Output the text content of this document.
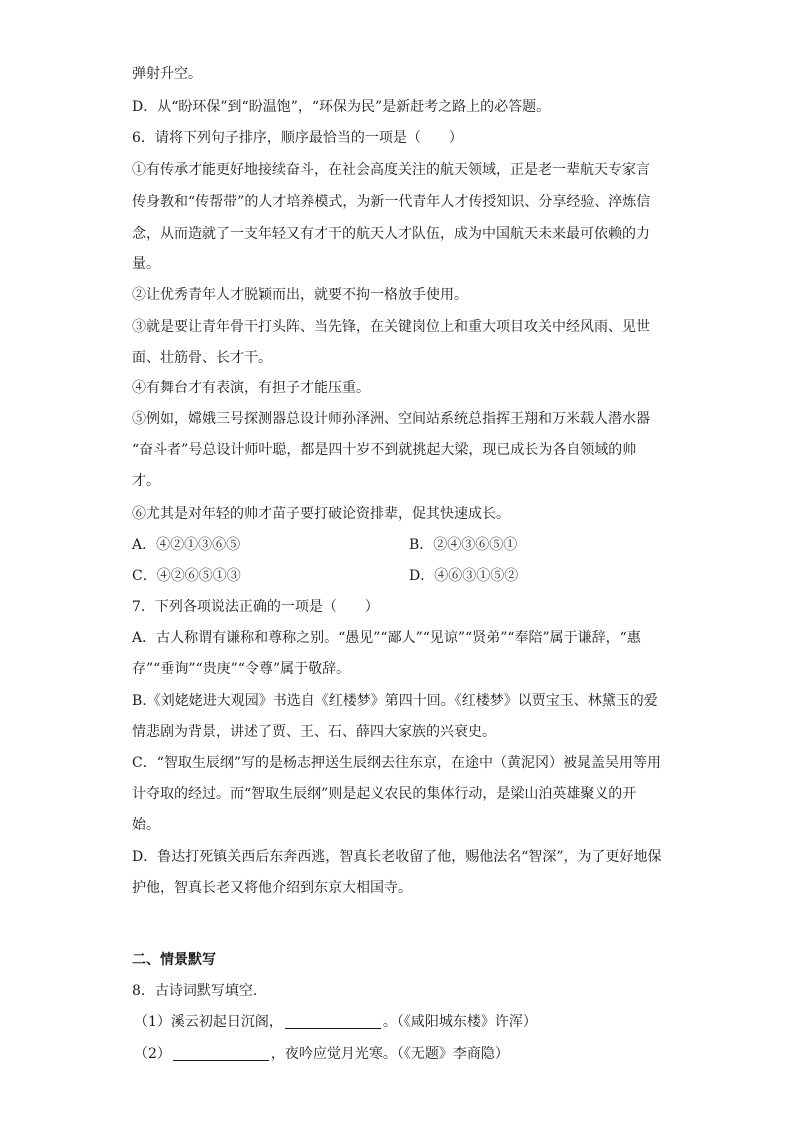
弹射升空。
D．从“盼环保”到“盼温饱”，“环保为民”是新赶考之路上的必答题。
6．请将下列句子排序，顺序最恰当的一项是（　　）
①有传承才能更好地接续奋斗，在社会高度关注的航天领域，正是老一辈航天专家言
传身教和“传帮带”的人才培养模式，为新一代青年人才传授知识、分享经验、淬炼信
念，从而造就了一支年轻又有才干的航天人才队伍，成为中国航天未来最可依赖的力
量。
②让优秀青年人才脱颖而出，就要不拘一格放手使用。
③就是要让青年骨干打头阵、当先锋，在关键岗位上和重大项目攻关中经风雨、见世
面、壮筋骨、长才干。
④有舞台才有表演，有担子才能压重。
⑤例如，嫦娥三号探测器总设计师孙泽洲、空间站系统总指挥王翔和万米载人潜水器
“奋斗者”号总设计师叶聪，都是四十岁不到就挑起大梁，现已成长为各自领域的帅
才。
⑥尤其是对年轻的帅才苗子要打破论资排辈，促其快速成长。
A．④②①③⑥⑤	B．②④③⑥⑤①
C．④②⑥⑤①③	D．④⑥③①⑤②
7．下列各项说法正确的一项是（　　）
A．古人称谓有谦称和尊称之别。“愚见”“鄙人”“见谅”“贤弟”“奉陪”属于谦辞，“惠
存”“垂询”“贵庚”“令尊”属于敬辞。
B.《刘姥姥进大观园》书选自《红楼梦》第四十回。《红楼梦》以贾宝玉、林黛玉的爱
情悲剧为背景，讲述了贾、王、石、薛四大家族的兴衰史。
C．“智取生辰纲”写的是杨志押送生辰纲去往东京，在途中（黄泥冈）被晁盖吴用等用
计夺取的经过。而“智取生辰纲”则是起义农民的集体行动，是梁山泊英雄聚义的开
始。
D．鲁达打死镇关西后东奔西逃，智真长老收留了他，赐他法名“智深”，为了更好地保
护他，智真长老又将他介绍到东京大相国寺。
二、情景默写
8．古诗词默写填空.
（1）溪云初起日沉阁，	。（《咸阳城东楼》许浑）
（2）	，夜吟应觉月光寒。（《无题》李商隐）
